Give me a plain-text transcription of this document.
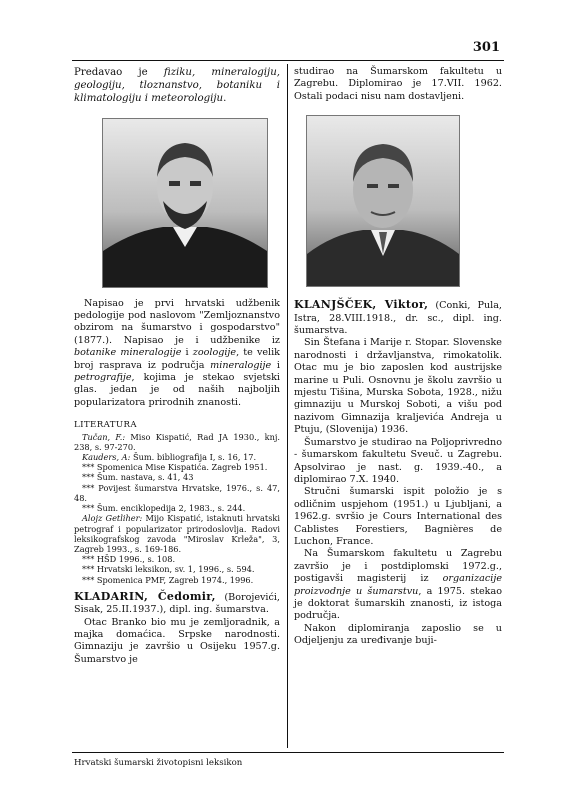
301

Predavao je fiziku, mineralogiju, geologiju, tloznanstvo, botaniku i klimatologiju i meteorologiju.

Napisao je prvi hrvatski udžbenik pedologije pod naslovom "Zemljoznanstvo obzirom na šumarstvo i gospodarstvo" (1877.). Napisao je i udžbenike iz botanike mineralogije i zoologije, te velik broj rasprava iz područja mineralogije i petrografije, kojima je stekao svjetski glas. jedan je od naših najboljih popularizatora prirodnih znanosti.

LITERATURA
Tučan, F.: Miso Kispatić, Rad JA 1930., knj. 238, s. 97-270.
Kauders, A: Šum. bibliografija I, s. 16, 17.
*** Spomenica Mise Kispatića. Zagreb 1951.
*** Šum. nastava, s. 41, 43
*** Povijest šumarstva Hrvatske, 1976., s. 47, 48.
*** Šum. enciklopedija 2, 1983., s. 244.
Alojz Getliher: Mijo Kispatić, istaknuti hrvatski petrograf i popularizator prirodoslovlja. Radovi leksikografskog zavoda "Miroslav Krleža", 3, Zagreb 1993., s. 169-186.
*** HŠD 1996., s. 108.
*** Hrvatski leksikon, sv. 1, 1996., s. 594.
*** Spomenica PMF, Zagreb 1974., 1996.

KLADARIN, Čedomir, (Borojevići, Sisak, 25.II.1937.), dipl. ing. šumarstva.

Otac Branko bio mu je zemljoradnik, a majka domaćica. Srpske narodnosti. Gimnaziju je završio u Osijeku 1957.g. Šumarstvo je

studirao na Šumarskom fakultetu u Zagrebu. Diplomirao je 17.VII. 1962. Ostali podaci nisu nam dostavljeni.

KLANJŠČEK, Viktor, (Conki, Pula, Istra, 28.VIII.1918., dr. sc., dipl. ing. šumarstva.

Sin Štefana i Marije r. Stopar. Slovenske narodnosti i državljanstva, rimokatolik. Otac mu je bio zaposlen kod austrijske marine u Puli. Osnovnu je školu završio u mjestu Tišina, Murska Sobota, 1928., nižu gimnaziju u Murskoj Soboti, a višu pod nazivom Gimnazija kraljevića Andreja u Ptuju, (Slovenija) 1936.

Šumarstvo je studirao na Poljoprivredno - šumarskom fakultetu Sveuč. u Zagrebu. Apsolvirao je nast. g. 1939.-40., a diplomirao 7.X. 1940.

Stručni šumarski ispit položio je s odličnim uspjehom (1951.) u Ljubljani, a 1962.g. svršio je Cours International des Cablistes Forestiers, Bagnières de Luchon, France.

Na Šumarskom fakultetu u Zagrebu završio je i postdiplomski 1972.g., postigavši magisterij iz organizacije proizvodnje u šumarstvu, a 1975. stekao je doktorat šumarskih znanosti, iz istoga područja.

Nakon diplomiranja zaposlio se u Odjeljenju za uređivanje buji-

Hrvatski šumarski životopisni leksikon
